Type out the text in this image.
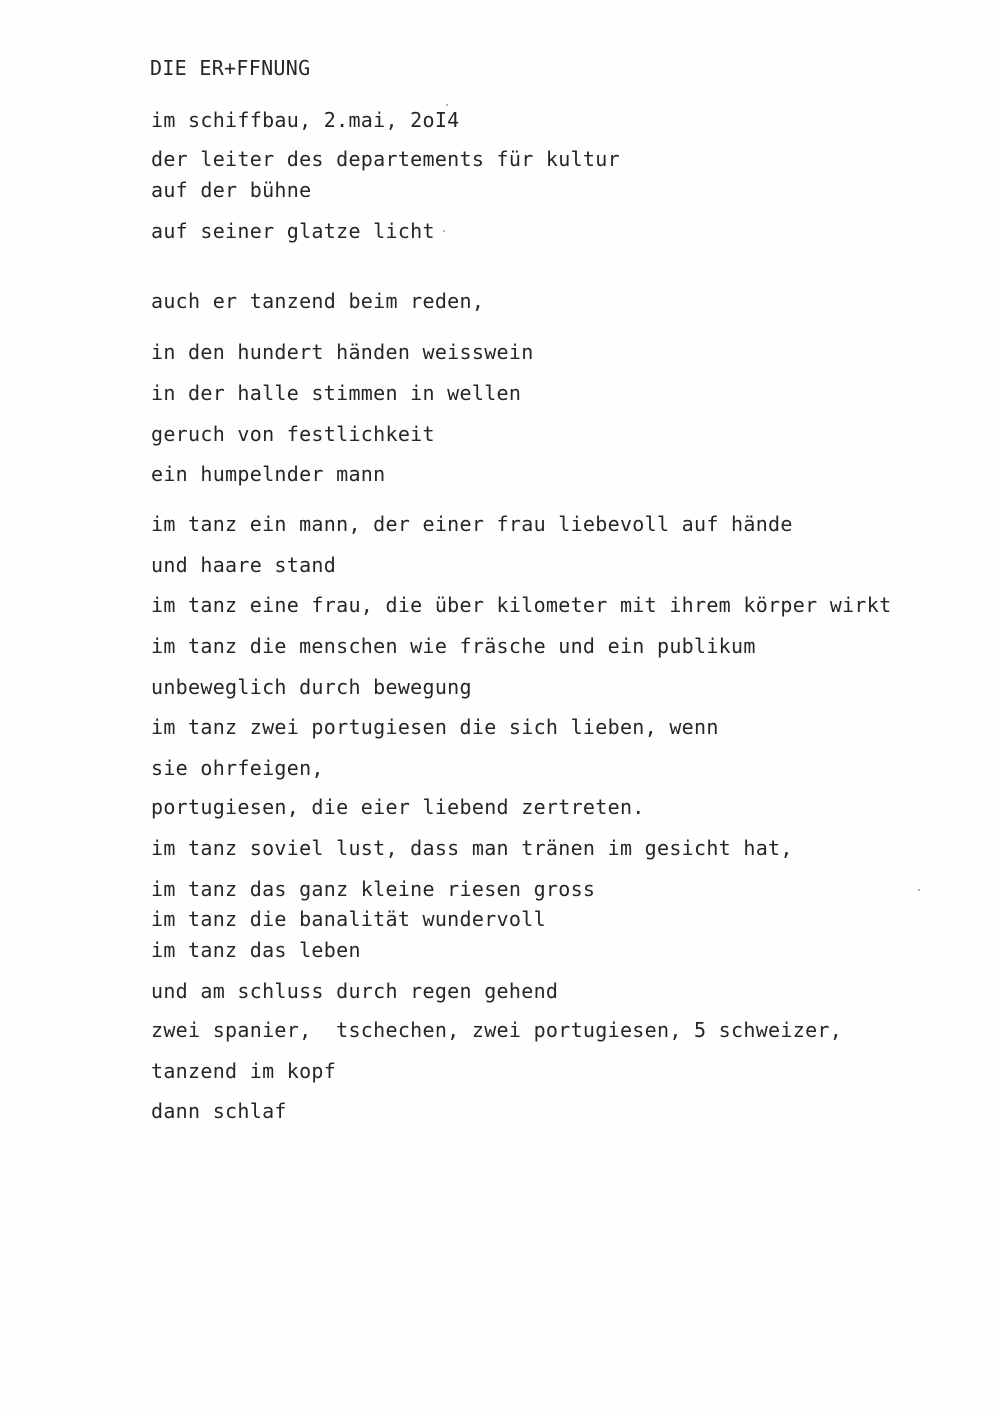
DIE ER+FFNUNG
im schiffbau, 2.mai, 2oI4
der leiter des departements für kultur
auf der bühne
auf seiner glatze licht
auch er tanzend beim reden,
in den hundert händen weisswein
in der halle stimmen in wellen
geruch von festlichkeit
ein humpelnder mann
im tanz ein mann, der einer frau liebevoll auf hände
und haare stand
im tanz eine frau, die über kilometer mit ihrem körper wirkt
im tanz die menschen wie fräsche und ein publikum
unbeweglich durch bewegung
im tanz zwei portugiesen die sich lieben, wenn
sie ohrfeigen,
portugiesen, die eier liebend zertreten.
im tanz soviel lust, dass man tränen im gesicht hat,
im tanz das ganz kleine riesen gross
im tanz die banalität wundervoll
im tanz das leben
und am schluss durch regen gehend
zwei spanier,  tschechen, zwei portugiesen, 5 schweizer,
tanzend im kopf
dann schlaf
